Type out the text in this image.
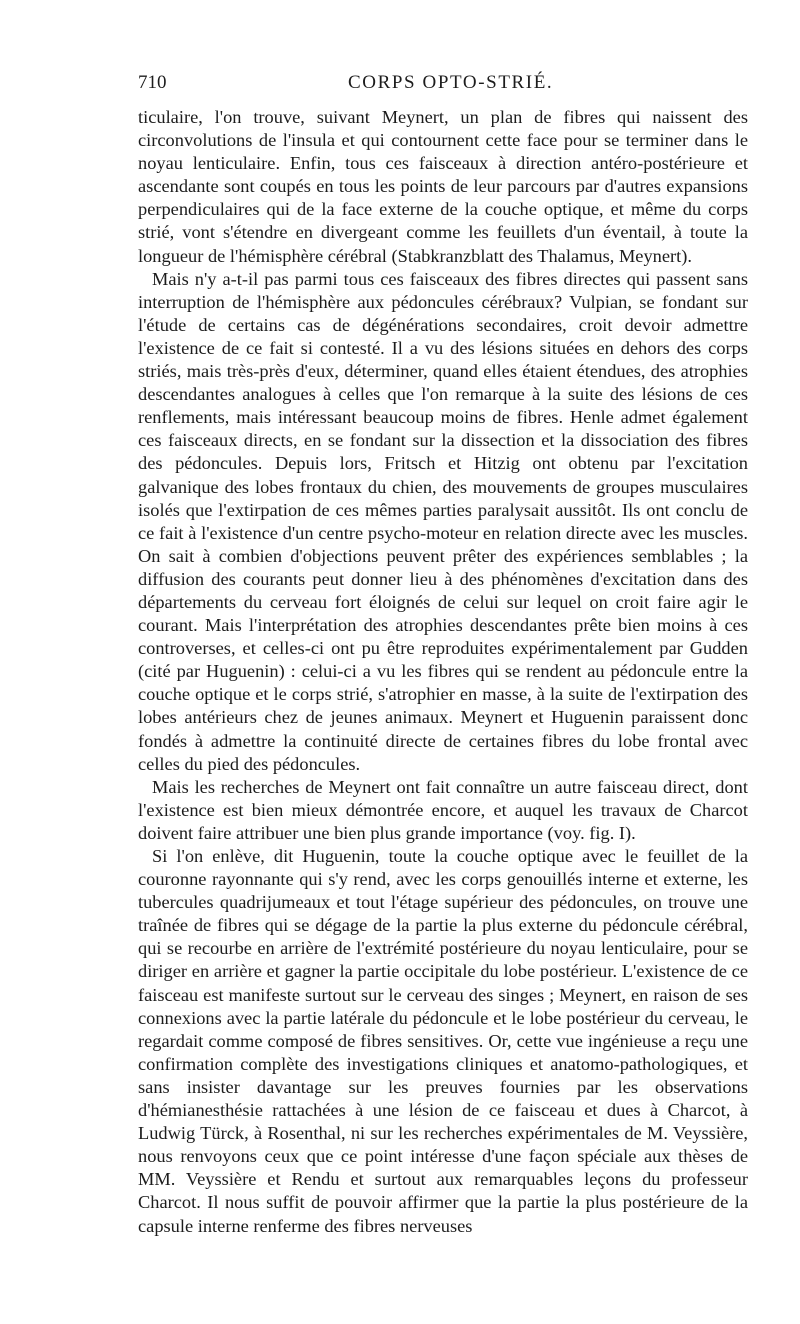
710	CORPS OPTO-STRIÉ.

ticulaire, l'on trouve, suivant Meynert, un plan de fibres qui naissent des circonvolutions de l'insula et qui contournent cette face pour se terminer dans le noyau lenticulaire. Enfin, tous ces faisceaux à direction antéro-postérieure et ascendante sont coupés en tous les points de leur parcours par d'autres expansions perpendiculaires qui de la face externe de la couche optique, et même du corps strié, vont s'étendre en divergeant comme les feuillets d'un éventail, à toute la longueur de l'hémisphère cérébral (Stabkranzblatt des Thalamus, Meynert).

Mais n'y a-t-il pas parmi tous ces faisceaux des fibres directes qui passent sans interruption de l'hémisphère aux pédoncules cérébraux? Vulpian, se fondant sur l'étude de certains cas de dégénérations secondaires, croit devoir admettre l'existence de ce fait si contesté. Il a vu des lésions situées en dehors des corps striés, mais très-près d'eux, déterminer, quand elles étaient étendues, des atrophies descendantes analogues à celles que l'on remarque à la suite des lésions de ces renflements, mais intéressant beaucoup moins de fibres. Henle admet également ces faisceaux directs, en se fondant sur la dissection et la dissociation des fibres des pédoncules. Depuis lors, Fritsch et Hitzig ont obtenu par l'excitation galvanique des lobes frontaux du chien, des mouvements de groupes musculaires isolés que l'extirpation de ces mêmes parties paralysait aussitôt. Ils ont conclu de ce fait à l'existence d'un centre psycho-moteur en relation directe avec les muscles. On sait à combien d'objections peuvent prêter des expériences semblables ; la diffusion des courants peut donner lieu à des phénomènes d'excitation dans des départements du cerveau fort éloignés de celui sur lequel on croit faire agir le courant. Mais l'interprétation des atrophies descendantes prête bien moins à ces controverses, et celles-ci ont pu être reproduites expérimentalement par Gudden (cité par Huguenin) : celui-ci a vu les fibres qui se rendent au pédoncule entre la couche optique et le corps strié, s'atrophier en masse, à la suite de l'extirpation des lobes antérieurs chez de jeunes animaux. Meynert et Huguenin paraissent donc fondés à admettre la continuité directe de certaines fibres du lobe frontal avec celles du pied des pédoncules.

Mais les recherches de Meynert ont fait connaître un autre faisceau direct, dont l'existence est bien mieux démontrée encore, et auquel les travaux de Charcot doivent faire attribuer une bien plus grande importance (voy. fig. I).

Si l'on enlève, dit Huguenin, toute la couche optique avec le feuillet de la couronne rayonnante qui s'y rend, avec les corps genouillés interne et externe, les tubercules quadrijumeaux et tout l'étage supérieur des pédoncules, on trouve une traînée de fibres qui se dégage de la partie la plus externe du pédoncule cérébral, qui se recourbe en arrière de l'extrémité postérieure du noyau lenticulaire, pour se diriger en arrière et gagner la partie occipitale du lobe postérieur. L'existence de ce faisceau est manifeste surtout sur le cerveau des singes ; Meynert, en raison de ses connexions avec la partie latérale du pédoncule et le lobe postérieur du cerveau, le regardait comme composé de fibres sensitives. Or, cette vue ingénieuse a reçu une confirmation complète des investigations cliniques et anatomo-pathologiques, et sans insister davantage sur les preuves fournies par les observations d'hémianesthésie rattachées à une lésion de ce faisceau et dues à Charcot, à Ludwig Türck, à Rosenthal, ni sur les recherches expérimentales de M. Veyssière, nous renvoyons ceux que ce point intéresse d'une façon spéciale aux thèses de MM. Veyssière et Rendu et surtout aux remarquables leçons du professeur Charcot. Il nous suffit de pouvoir affirmer que la partie la plus postérieure de la capsule interne renferme des fibres nerveuses
